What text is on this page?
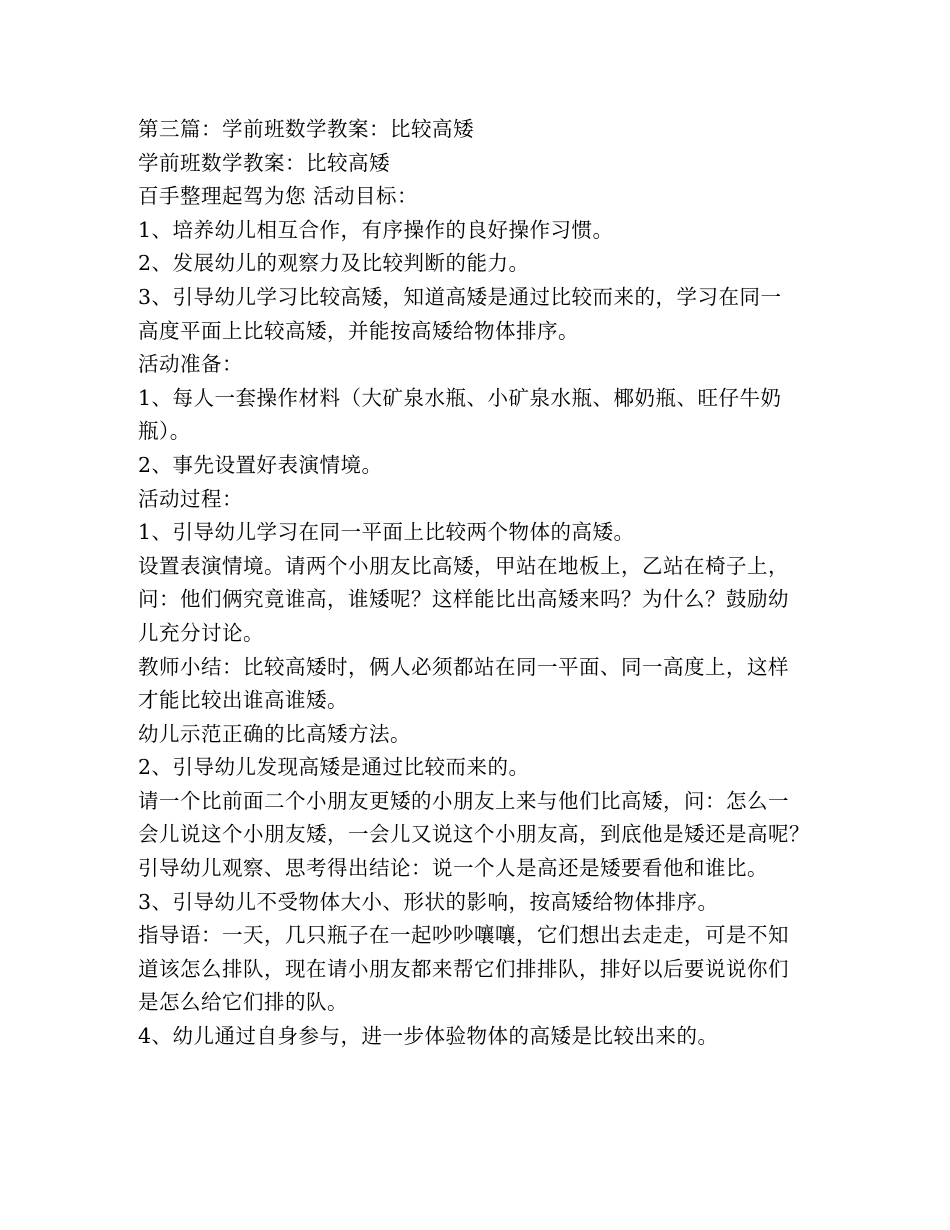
第三篇：学前班数学教案：比较高矮

学前班数学教案：比较高矮

百手整理起驾为您 活动目标：

1、培养幼儿相互合作，有序操作的良好操作习惯。

2、发展幼儿的观察力及比较判断的能力。

3、引导幼儿学习比较高矮，知道高矮是通过比较而来的，学习在同一

高度平面上比较高矮，并能按高矮给物体排序。

活动准备：

1、每人一套操作材料（大矿泉水瓶、小矿泉水瓶、椰奶瓶、旺仔牛奶

瓶）。

2、事先设置好表演情境。

活动过程：

1、引导幼儿学习在同一平面上比较两个物体的高矮。

设置表演情境。请两个小朋友比高矮，甲站在地板上，乙站在椅子上，

问：他们俩究竟谁高，谁矮呢？这样能比出高矮来吗？为什么？鼓励幼

儿充分讨论。

教师小结：比较高矮时，俩人必须都站在同一平面、同一高度上，这样

才能比较出谁高谁矮。

幼儿示范正确的比高矮方法。

2、引导幼儿发现高矮是通过比较而来的。

请一个比前面二个小朋友更矮的小朋友上来与他们比高矮，问：怎么一

会儿说这个小朋友矮，一会儿又说这个小朋友高，到底他是矮还是高呢？

引导幼儿观察、思考得出结论：说一个人是高还是矮要看他和谁比。

3、引导幼儿不受物体大小、形状的影响，按高矮给物体排序。

指导语：一天，几只瓶子在一起吵吵嚷嚷，它们想出去走走，可是不知

道该怎么排队，现在请小朋友都来帮它们排排队，排好以后要说说你们

是怎么给它们排的队。

4、幼儿通过自身参与，进一步体验物体的高矮是比较出来的。
